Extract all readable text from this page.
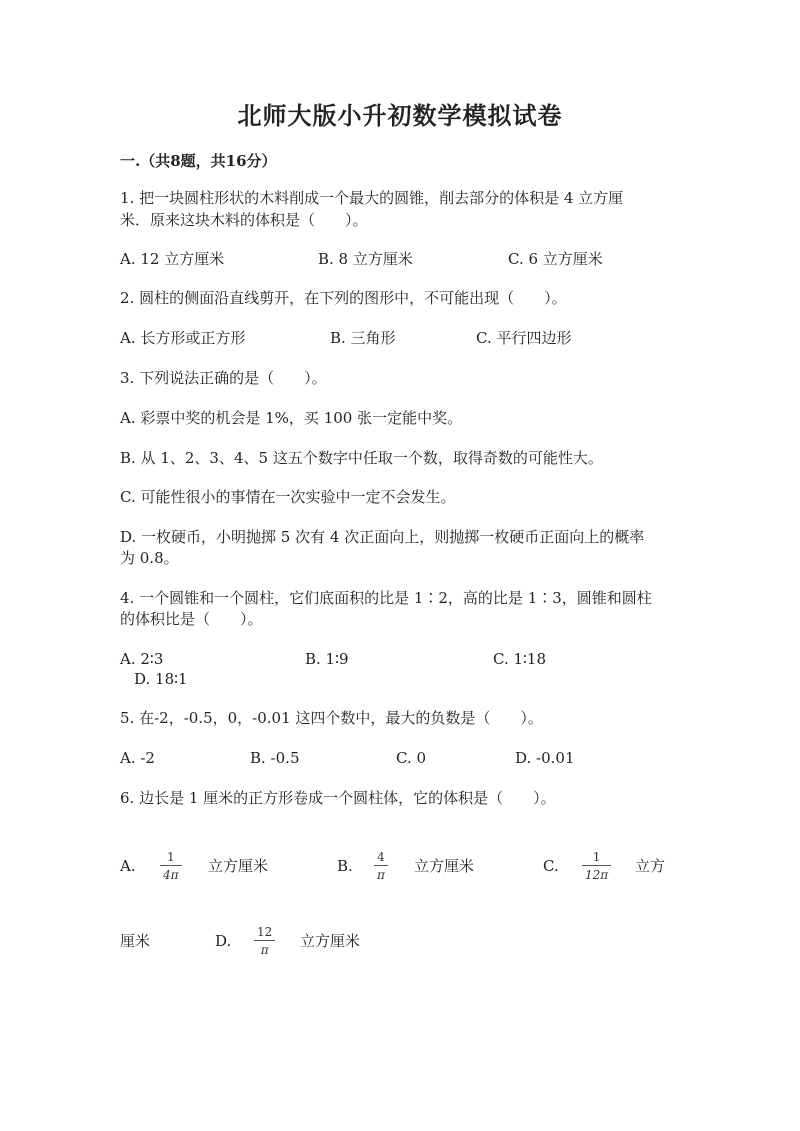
北师大版小升初数学模拟试卷
一.（共8题，共16分）
1. 把一块圆柱形状的木料削成一个最大的圆锥，削去部分的体积是 4 立方厘
米．原来这块木料的体积是（　　）。
A. 12 立方厘米	B. 8 立方厘米	C. 6 立方厘米
2. 圆柱的侧面沿直线剪开，在下列的图形中，不可能出现（　　）。
A. 长方形或正方形	B. 三角形	C. 平行四边形
3. 下列说法正确的是（　　）。
A. 彩票中奖的机会是 1%，买 100 张一定能中奖。
B. 从 1、2、3、4、5 这五个数字中任取一个数，取得奇数的可能性大。
C. 可能性很小的事情在一次实验中一定不会发生。
D. 一枚硬币，小明抛掷 5 次有 4 次正面向上，则抛掷一枚硬币正面向上的概率
为 0.8。
4. 一个圆锥和一个圆柱，它们底面积的比是 1∶2，高的比是 1∶3，圆锥和圆柱
的体积比是（　　）。
A. 2∶3	B. 1∶9	C. 1∶18
D. 18∶1
5. 在-2，-0.5，0，-0.01 这四个数中，最大的负数是（　　）。
A. -2	B. -0.5	C. 0	D. -0.01
6. 边长是 1 厘米的正方形卷成一个圆柱体，它的体积是（　　）。
A.	1
4π 立方厘米	B. 4
π 立方厘米	C.	1
12π 立方
厘米	D. 12
π 立方厘米
